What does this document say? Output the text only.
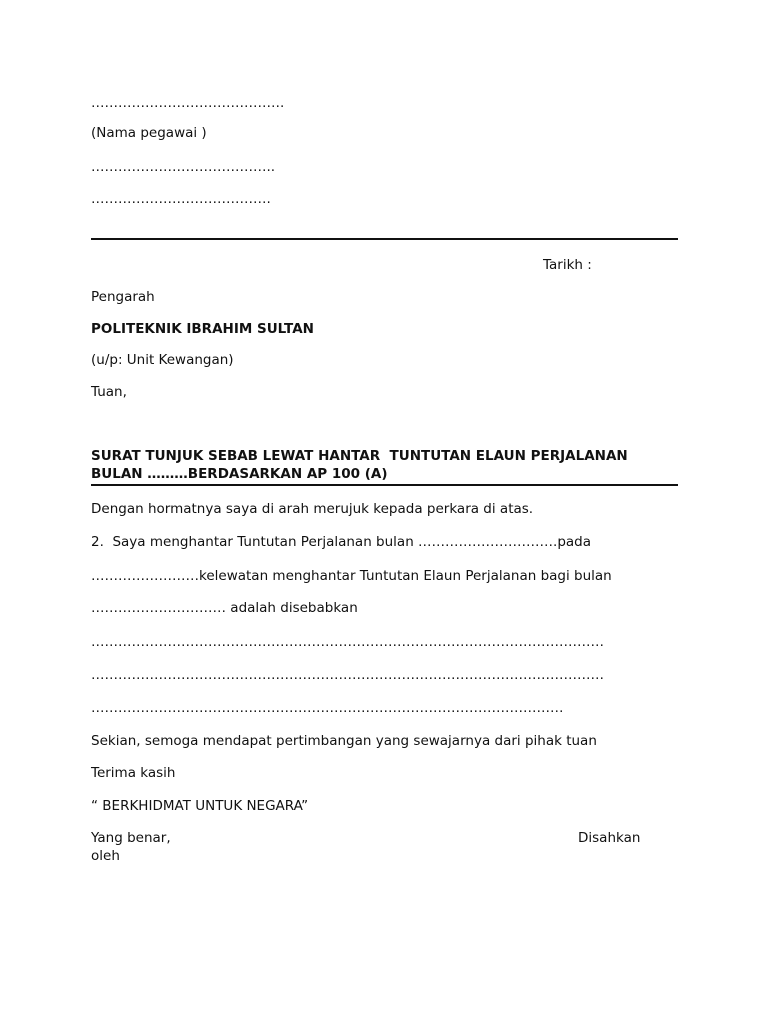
…………………………………….
(Nama pegawai )
…………………………………..
………………………………….
Tarikh :
Pengarah
POLITEKNIK IBRAHIM SULTAN
(u/p: Unit Kewangan)
Tuan,
SURAT TUNJUK SEBAB LEWAT HANTAR  TUNTUTAN ELAUN PERJALANAN
BULAN ………BERDASARKAN AP 100 (A)
Dengan hormatnya saya di arah merujuk kepada perkara di atas.
2.  Saya menghantar Tuntutan Perjalanan bulan ………………………….pada
……………………kelewatan menghantar Tuntutan Elaun Perjalanan bagi bulan
………………………… adalah disebabkan
……………………………………………………………………………………………………
……………………………………………………………………………………………………
……………………………………………………………………………………………
Sekian, semoga mendapat pertimbangan yang sewajarnya dari pihak tuan
Terima kasih
“ BERKHIDMAT UNTUK NEGARA”
Yang benar,	Disahkan
oleh
